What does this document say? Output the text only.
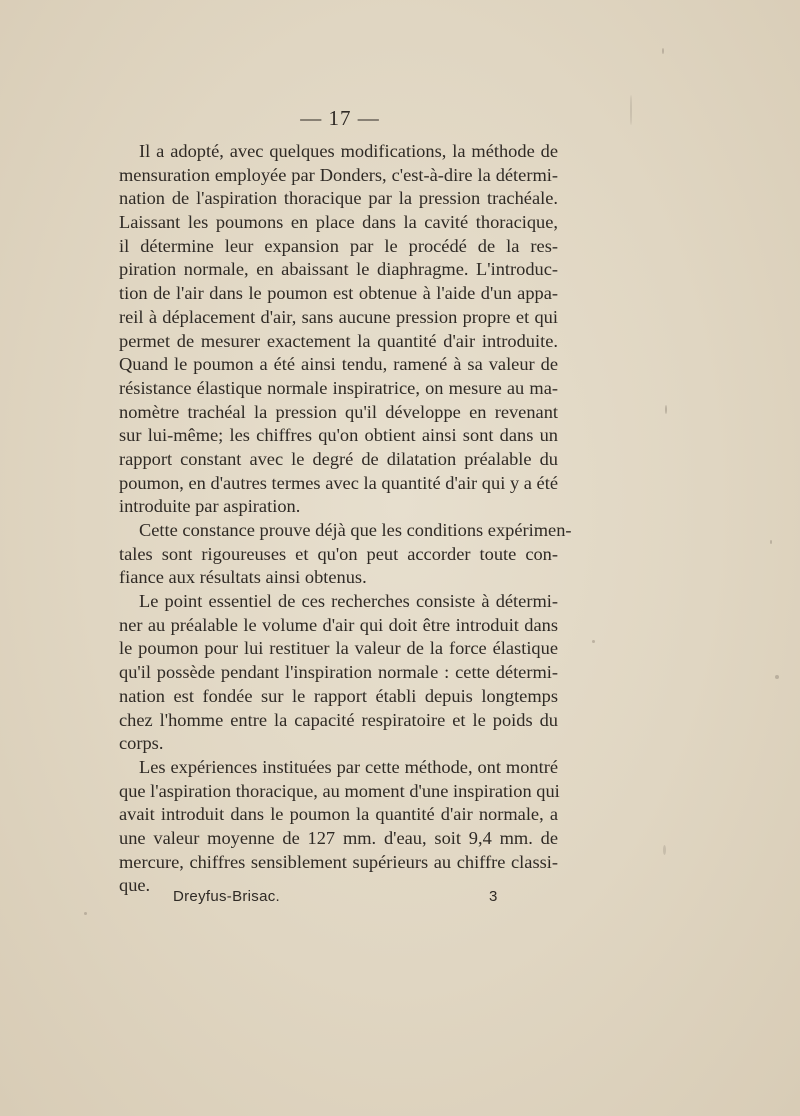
— 17 —
Il a adopté, avec quelques modifications, la méthode de
mensuration employée par Donders, c'est-à-dire la détermi-
nation de l'aspiration thoracique par la pression trachéale.
Laissant les poumons en place dans la cavité thoracique,
il détermine leur expansion par le procédé de la res-
piration normale, en abaissant le diaphragme. L'introduc-
tion de l'air dans le poumon est obtenue à l'aide d'un appa-
reil à déplacement d'air, sans aucune pression propre et qui
permet de mesurer exactement la quantité d'air introduite.
Quand le poumon a été ainsi tendu, ramené à sa valeur de
résistance élastique normale inspiratrice, on mesure au ma-
nomètre trachéal la pression qu'il développe en revenant
sur lui-même; les chiffres qu'on obtient ainsi sont dans un
rapport constant avec le degré de dilatation préalable du
poumon, en d'autres termes avec la quantité d'air qui y a été
introduite par aspiration.
Cette constance prouve déjà que les conditions expérimen-
tales sont rigoureuses et qu'on peut accorder toute con-
fiance aux résultats ainsi obtenus.
Le point essentiel de ces recherches consiste à détermi-
ner au préalable le volume d'air qui doit être introduit dans
le poumon pour lui restituer la valeur de la force élastique
qu'il possède pendant l'inspiration normale : cette détermi-
nation est fondée sur le rapport établi depuis longtemps
chez l'homme entre la capacité respiratoire et le poids du
corps.
Les expériences instituées par cette méthode, ont montré
que l'aspiration thoracique, au moment d'une inspiration qui
avait introduit dans le poumon la quantité d'air normale, a
une valeur moyenne de 127 mm. d'eau, soit 9,4 mm. de
mercure, chiffres sensiblement supérieurs au chiffre classi-
que.
Dreyfus-Brisac.	3
